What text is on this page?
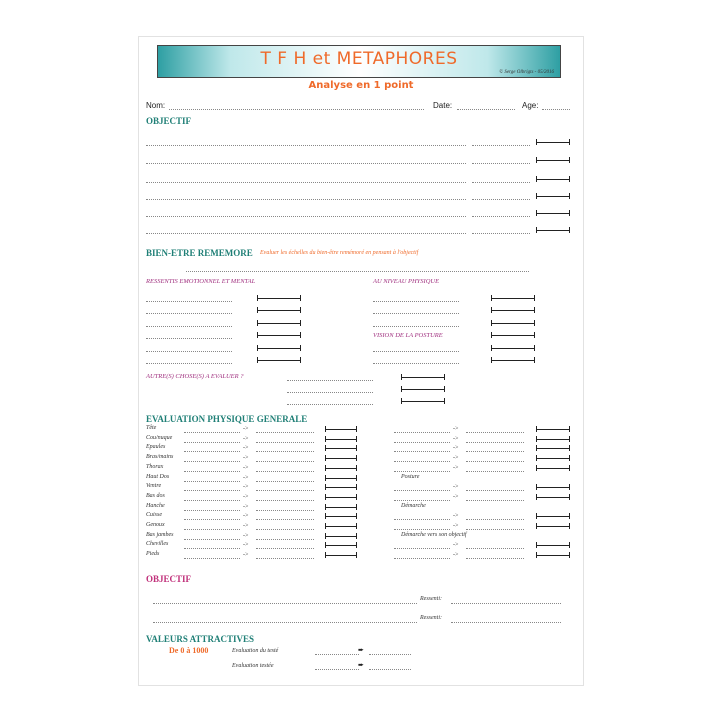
T F H et METAPHORES
© Serge Olbrigts - 05/2016
Analyse en 1 point
Nom:	Date:	Age:
OBJECTIF
BIEN-ETRE REMEMORE Evaluer les échelles du bien-être remémoré en pensant à l'objectif
RESSENTIS EMOTIONNEL ET MENTAL	AU NIVEAU PHYSIQUE
VISION DE LA POSTURE
AUTRE(S) CHOSE(S) A EVALUER ?
EVALUATION PHYSIQUE GENERALE
OBJECTIF
Ressenti:
Ressenti:
VALEURS ATTRACTIVES
De 0 à 1000	Evaluation du testé	➨
Evaluation testée	➨
Tête	->	->
Cou/nuque	->	->
Epaules	->	->
Bras/mains	->	->
Thorax	->	->
Haut Dos	->	Posture
Ventre	->	->
Bas dos	->	->
Hanche	->	Démarche
Cuisse	->	->
Genoux	->	->
Bas jambes	->	Démarche vers son objectif
Chevilles	->	->
Pieds	->	->
